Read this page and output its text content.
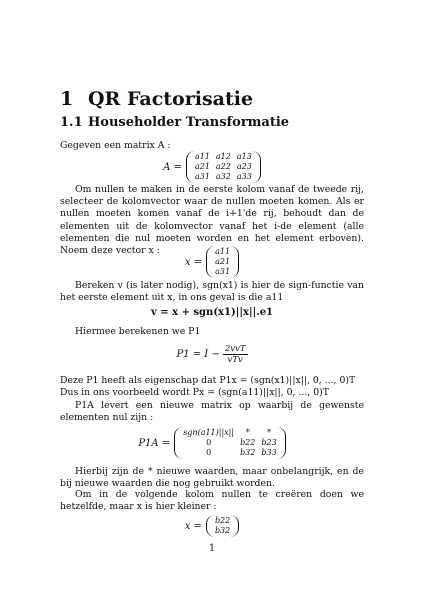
1 QR Factorisatie
1.1 Householder Transformatie

Gegeven een matrix A :

A =
a11	a12	a13
a21	a22	a23
a31	a32	a33

Om nullen te maken in de eerste kolom vanaf de tweede rij, selecteer de kolomvector waar de nullen moeten komen. Als er nullen moeten komen vanaf de i+1'de rij, behoudt dan de elementen uit de kolomvector vanaf het i-de element (alle elementen die nul moeten worden en het element erboven). Noem deze vector x :

x =
a11
a21
a31

Bereken v (is later nodig), sgn(x1) is hier de sign-functie van het eerste element uit x, in ons geval is die a11

v = x + sgn(x1)||x||.e1

Hiermee berekenen we P1

$P1 = I - \frac{\text{2vvT}}{\text{vTv}}$

Deze P1 heeft als eigenschap dat P1x = (sgn(x1)||x||, 0, ..., 0)T

Dus in ons voorbeeld wordt Px = (sgn(a11)||x||, 0, ..., 0)T

P1A levert een nieuwe matrix op waarbij de gewenste elementen nul zijn :

P1A =
sgn(a11)||x||	*	*
0	b22	b23
0	b32	b33

Hierbij zijn de * nieuwe waarden, maar onbelangrijk, en de bij nieuwe waarden die nog gebruikt worden.

Om in de volgende kolom nullen te creëren doen we hetzelfde, maar x is hier kleiner :

x = b22
b32
1
